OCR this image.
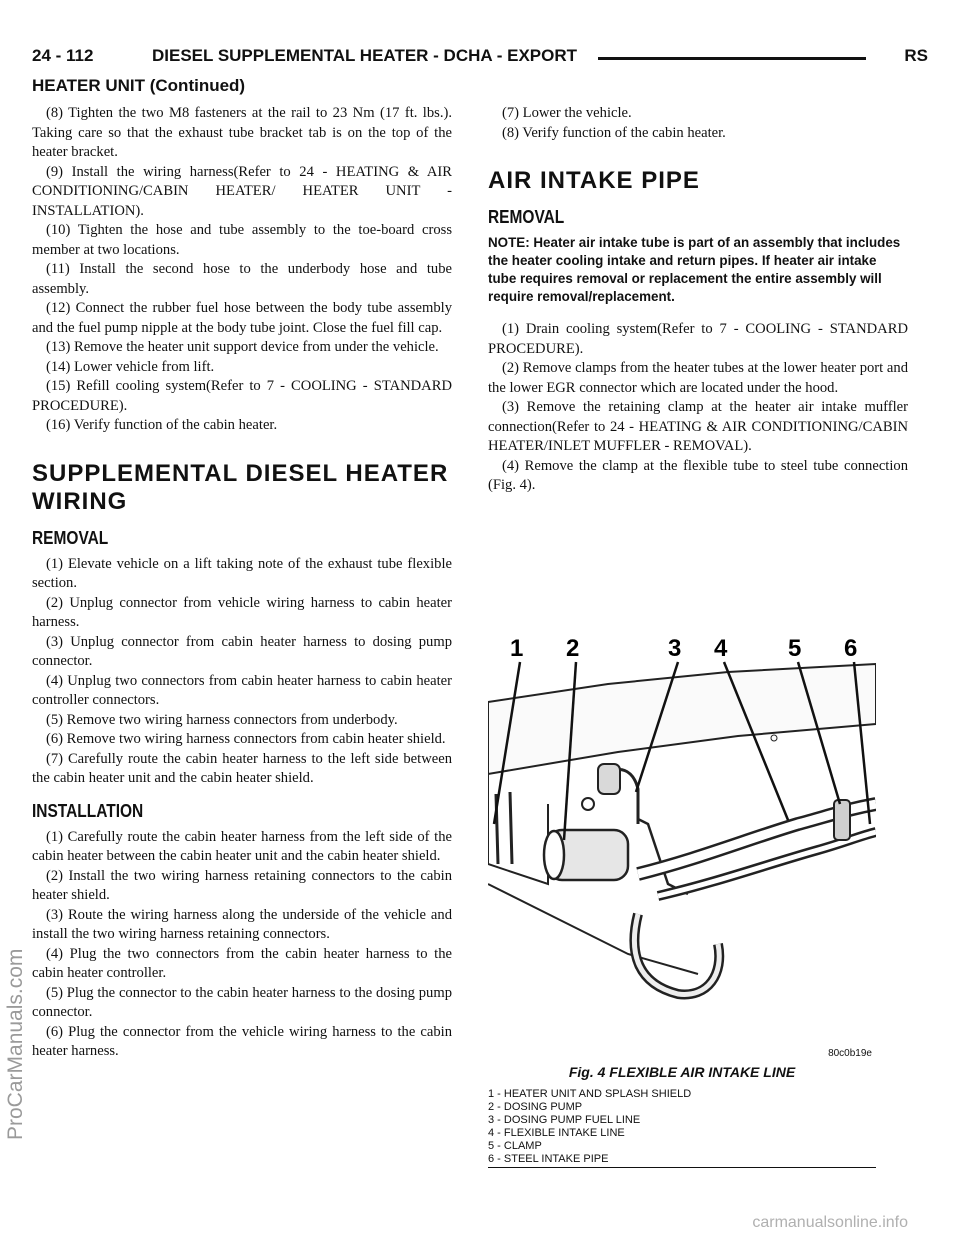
24 - 112	DIESEL SUPPLEMENTAL HEATER - DCHA - EXPORT	RS
HEATER UNIT (Continued)

(8) Tighten the two M8 fasteners at the rail to 23 Nm (17 ft. lbs.). Taking care so that the exhaust tube bracket tab is on the top of the heater bracket.

(9) Install the wiring harness(Refer to 24 - HEATING & AIR CONDITIONING/CABIN HEATER/ HEATER UNIT - INSTALLATION).

(10) Tighten the hose and tube assembly to the toe-board cross member at two locations.

(11) Install the second hose to the underbody hose and tube assembly.

(12) Connect the rubber fuel hose between the body tube assembly and the fuel pump nipple at the body tube joint. Close the fuel fill cap.

(13) Remove the heater unit support device from under the vehicle.

(14) Lower vehicle from lift.

(15) Refill cooling system(Refer to 7 - COOLING - STANDARD PROCEDURE).

(16) Verify function of the cabin heater.

SUPPLEMENTAL DIESEL HEATER WIRING
REMOVAL

(1) Elevate vehicle on a lift taking note of the exhaust tube flexible section.

(2) Unplug connector from vehicle wiring harness to cabin heater harness.

(3) Unplug connector from cabin heater harness to dosing pump connector.

(4) Unplug two connectors from cabin heater harness to cabin heater controller connectors.

(5) Remove two wiring harness connectors from underbody.

(6) Remove two wiring harness connectors from cabin heater shield.

(7) Carefully route the cabin heater harness to the left side between the cabin heater unit and the cabin heater shield.

INSTALLATION

(1) Carefully route the cabin heater harness from the left side of the cabin heater between the cabin heater unit and the cabin heater shield.

(2) Install the two wiring harness retaining connectors to the cabin heater shield.

(3) Route the wiring harness along the underside of the vehicle and install the two wiring harness retaining connectors.

(4) Plug the two connectors from the cabin heater harness to the cabin heater controller.

(5) Plug the connector to the cabin heater harness to the dosing pump connector.

(6) Plug the connector from the vehicle wiring harness to the cabin heater harness.

(7) Lower the vehicle.

(8) Verify function of the cabin heater.

AIR INTAKE PIPE
REMOVAL

NOTE: Heater air intake tube is part of an assembly that includes the heater cooling intake and return pipes. If heater air intake tube requires removal or replacement the entire assembly will require removal/replacement.

(1) Drain cooling system(Refer to 7 - COOLING - STANDARD PROCEDURE).

(2) Remove clamps from the heater tubes at the lower heater port and the lower EGR connector which are located under the hood.

(3) Remove the retaining clamp at the heater air intake muffler connection(Refer to 24 - HEATING & AIR CONDITIONING/CABIN HEATER/INLET MUFFLER - REMOVAL).

(4) Remove the clamp at the flexible tube to steel tube connection (Fig. 4).

1 2	3 4	5 6
80c0b19e
Fig. 4 FLEXIBLE AIR INTAKE LINE
1 - HEATER UNIT AND SPLASH SHIELD
2 - DOSING PUMP
3 - DOSING PUMP FUEL LINE
4 - FLEXIBLE INTAKE LINE
5 - CLAMP
6 - STEEL INTAKE PIPE
ProCarManuals.com
carmanualsonline.info
